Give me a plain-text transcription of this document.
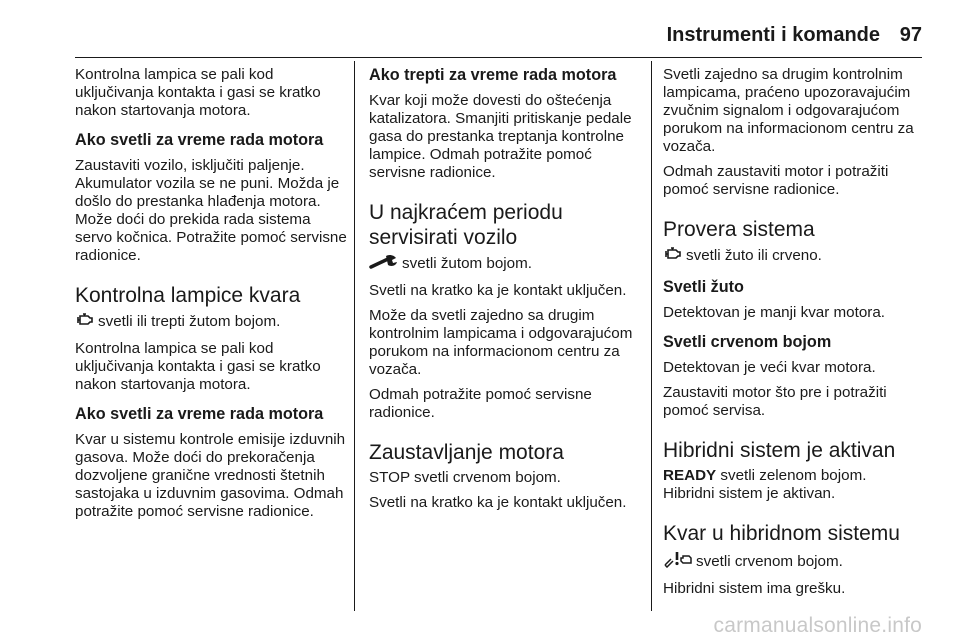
Instrumenti i komande 97

Kontrolna lampica se pali kod uključivanja kontakta i gasi se kratko nakon startovanja motora.

Ako svetli za vreme rada motora

Zaustaviti vozilo, isključiti paljenje. Akumulator vozila se ne puni. Možda je došlo do prestanka hlađenja motora. Može doći do prekida rada sistema servo kočnica. Potražite pomoć servisne radionice.

Kontrolna lampice kvara

svetli ili trepti žutom bojom.

Kontrolna lampica se pali kod uključivanja kontakta i gasi se kratko nakon startovanja motora.

Ako svetli za vreme rada motora

Kvar u sistemu kontrole emisije izduvnih gasova. Može doći do prekoračenja dozvoljene granične vrednosti štetnih sastojaka u izduvnim gasovima. Odmah potražite pomoć servisne radionice.

Ako trepti za vreme rada motora

Kvar koji može dovesti do oštećenja katalizatora. Smanjiti pritiskanje pedale gasa do prestanka treptanja kontrolne lampice. Odmah potražite pomoć servisne radionice.

U najkraćem periodu servisirati vozilo

svetli žutom bojom.

Svetli na kratko ka je kontakt uključen.

Može da svetli zajedno sa drugim kontrolnim lampicama i odgovarajućom porukom na informacionom centru za vozača.

Odmah potražite pomoć servisne radionice.

Zaustavljanje motora

STOP svetli crvenom bojom.

Svetli na kratko ka je kontakt uključen.

Svetli zajedno sa drugim kontrolnim lampicama, praćeno upozoravajućim zvučnim signalom i odgovarajućom porukom na informacionom centru za vozača.

Odmah zaustaviti motor i potražiti pomoć servisne radionice.

Provera sistema

svetli žuto ili crveno.

Svetli žuto

Detektovan je manji kvar motora.

Svetli crvenom bojom

Detektovan je veći kvar motora.

Zaustaviti motor što pre i potražiti pomoć servisa.

Hibridni sistem je aktivan

READY svetli zelenom bojom.

Hibridni sistem je aktivan.

Kvar u hibridnom sistemu

svetli crvenom bojom.

Hibridni sistem ima grešku.

carmanualsonline.info
